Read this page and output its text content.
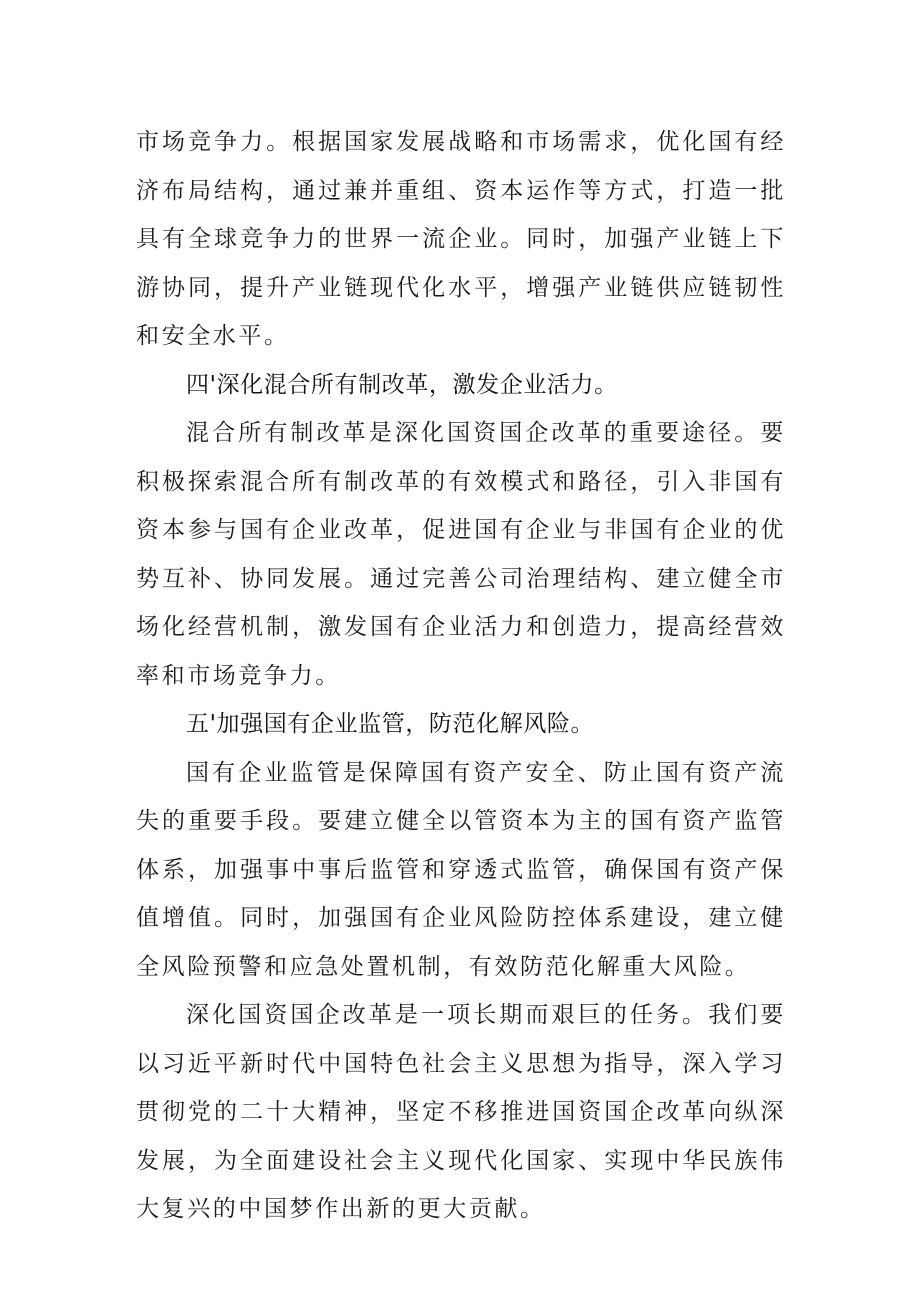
市场竞争力。根据国家发展战略和市场需求，优化国有经济布局结构，通过兼并重组、资本运作等方式，打造一批具有全球竞争力的世界一流企业。同时，加强产业链上下游协同，提升产业链现代化水平，增强产业链供应链韧性和安全水平。

四'深化混合所有制改革，激发企业活力。

混合所有制改革是深化国资国企改革的重要途径。要积极探索混合所有制改革的有效模式和路径，引入非国有资本参与国有企业改革，促进国有企业与非国有企业的优势互补、协同发展。通过完善公司治理结构、建立健全市场化经营机制，激发国有企业活力和创造力，提高经营效率和市场竞争力。

五'加强国有企业监管，防范化解风险。

国有企业监管是保障国有资产安全、防止国有资产流失的重要手段。要建立健全以管资本为主的国有资产监管体系，加强事中事后监管和穿透式监管，确保国有资产保值增值。同时，加强国有企业风险防控体系建设，建立健全风险预警和应急处置机制，有效防范化解重大风险。

深化国资国企改革是一项长期而艰巨的任务。我们要以习近平新时代中国特色社会主义思想为指导，深入学习贯彻党的二十大精神，坚定不移推进国资国企改革向纵深发展，为全面建设社会主义现代化国家、实现中华民族伟大复兴的中国梦作出新的更大贡献。
